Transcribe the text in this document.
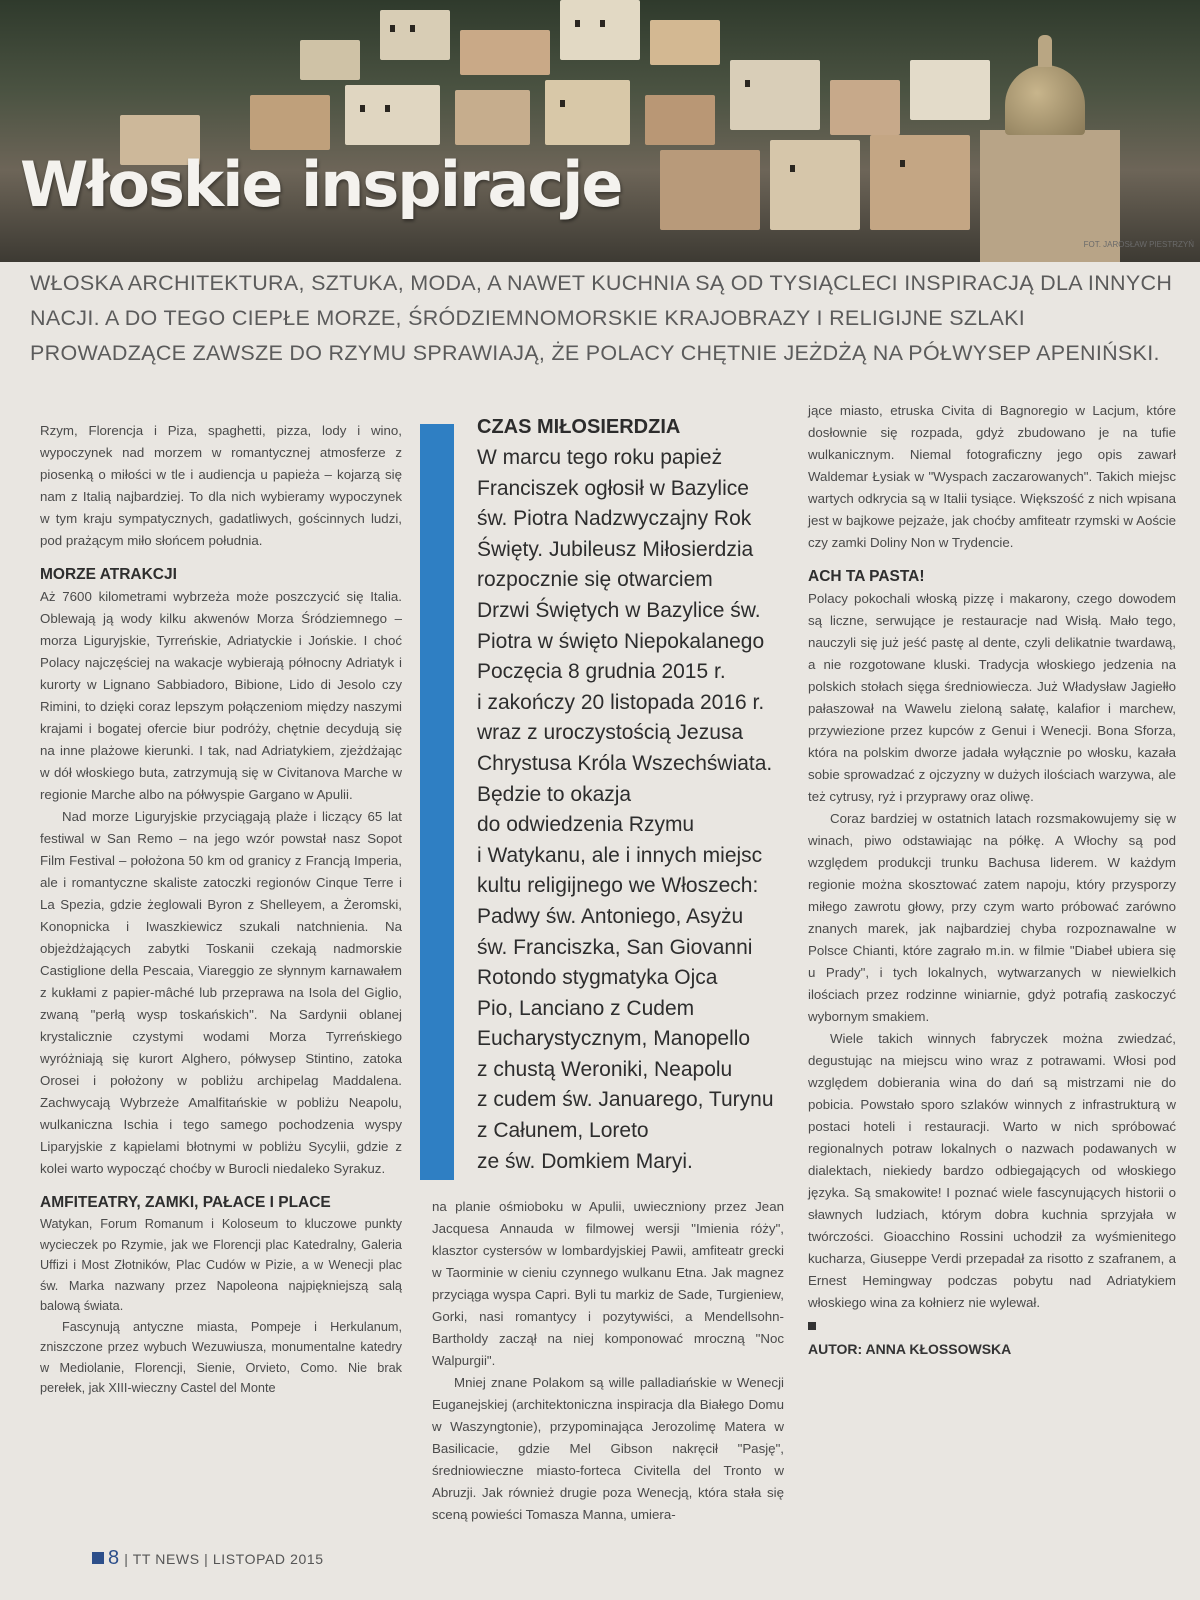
Włoskie inspiracje
FOT. JAROSŁAW PIESTRZYŃ

WŁOSKA ARCHITEKTURA, SZTUKA, MODA, A NAWET KUCHNIA SĄ OD TYSIĄCLECI INSPIRACJĄ DLA INNYCH NACJI. A DO TEGO CIEPŁE MORZE, ŚRÓDZIEMNOMORSKIE KRAJOBRAZY I RELIGIJNE SZLAKI PROWADZĄCE ZAWSZE DO RZYMU SPRAWIAJĄ, ŻE POLACY CHĘTNIE JEŻDŻĄ NA PÓŁWYSEP APENIŃSKI.

Rzym, Florencja i Piza, spaghetti, pizza, lody i wino, wypoczynek nad morzem w romantycznej atmosferze z piosenką o miłości w tle i audiencja u papieża – kojarzą się nam z Italią najbardziej. To dla nich wybieramy wypoczynek w tym kraju sympatycznych, gadatliwych, gościnnych ludzi, pod prażącym miło słońcem południa.

MORZE ATRAKCJI

Aż 7600 kilometrami wybrzeża może poszczycić się Italia. Oblewają ją wody kilku akwenów Morza Śródziemnego – morza Liguryjskie, Tyrreńskie, Adriatyckie i Jońskie. I choć Polacy najczęściej na wakacje wybierają północny Adriatyk i kurorty w Lignano Sabbiadoro, Bibione, Lido di Jesolo czy Rimini, to dzięki coraz lepszym połączeniom między naszymi krajami i bogatej ofercie biur podróży, chętnie decydują się na inne plażowe kierunki. I tak, nad Adriatykiem, zjeżdżając w dół włoskiego buta, zatrzymują się w Civitanova Marche w regionie Marche albo na półwyspie Gargano w Apulii.

Nad morze Liguryjskie przyciągają plaże i liczący 65 lat festiwal w San Remo – na jego wzór powstał nasz Sopot Film Festival – położona 50 km od granicy z Francją Imperia, ale i romantyczne skaliste zatoczki regionów Cinque Terre i La Spezia, gdzie żeglowali Byron z Shelleyem, a Żeromski, Konopnicka i Iwaszkiewicz szukali natchnienia. Na objeżdżających zabytki Toskanii czekają nadmorskie Castiglione della Pescaia, Viareggio ze słynnym karnawałem z kukłami z papier-mâché lub przeprawa na Isola del Giglio, zwaną "perłą wysp toskańskich". Na Sardynii oblanej krystalicznie czystymi wodami Morza Tyrreńskiego wyróżniają się kurort Alghero, półwysep Stintino, zatoka Orosei i położony w pobliżu archipelag Maddalena. Zachwycają Wybrzeże Amalfitańskie w pobliżu Neapolu, wulkaniczna Ischia i tego samego pochodzenia wyspy Liparyjskie z kąpielami błotnymi w pobliżu Sycylii, gdzie z kolei warto wypocząć choćby w Burocli niedaleko Syrakuz.

AMFITEATRY, ZAMKI, PAŁACE I PLACE

Watykan, Forum Romanum i Koloseum to kluczowe punkty wycieczek po Rzymie, jak we Florencji plac Katedralny, Galeria Uffizi i Most Złotników, Plac Cudów w Pizie, a w Wenecji plac św. Marka nazwany przez Napoleona najpiękniejszą salą balową świata.

Fascynują antyczne miasta, Pompeje i Herkulanum, zniszczone przez wybuch Wezuwiusza, monumentalne katedry w Mediolanie, Florencji, Sienie, Orvieto, Como. Nie brak perełek, jak XIII-wieczny Castel del Monte

CZAS MIŁOSIERDZIA

W marcu tego roku papież
Franciszek ogłosił w Bazylice
św. Piotra Nadzwyczajny Rok
Święty. Jubileusz Miłosierdzia
rozpocznie się otwarciem
Drzwi Świętych w Bazylice św.
Piotra w święto Niepokalanego
Poczęcia 8 grudnia 2015 r.
i zakończy 20 listopada 2016 r.
wraz z uroczystością Jezusa
Chrystusa Króla Wszechświata.
Będzie to okazja
do odwiedzenia Rzymu
i Watykanu, ale i innych miejsc
kultu religijnego we Włoszech:
Padwy św. Antoniego, Asyżu
św. Franciszka, San Giovanni
Rotondo stygmatyka Ojca
Pio, Lanciano z Cudem
Eucharystycznym, Manopello
z chustą Weroniki, Neapolu
z cudem św. Januarego, Turynu
z Całunem, Loreto
ze św. Domkiem Maryi.

na planie ośmioboku w Apulii, uwieczniony przez Jean Jacquesa Annauda w filmowej wersji "Imienia róży", klasztor cystersów w lombardyjskiej Pawii, amfiteatr grecki w Taorminie w cieniu czynnego wulkanu Etna. Jak magnez przyciąga wyspa Capri. Byli tu markiz de Sade, Turgieniew, Gorki, nasi romantycy i pozytywiści, a Mendellsohn-Bartholdy zaczął na niej komponować mroczną "Noc Walpurgii".

Mniej znane Polakom są wille palladiańskie w Wenecji Euganejskiej (architektoniczna inspiracja dla Białego Domu w Waszyngtonie), przypominająca Jerozolimę Matera w Basilicacie, gdzie Mel Gibson nakręcił "Pasję", średniowieczne miasto-forteca Civitella del Tronto w Abruzji. Jak również drugie poza Wenecją, która stała się sceną powieści Tomasza Manna, umiera-

jące miasto, etruska Civita di Bagnoregio w Lacjum, które dosłownie się rozpada, gdyż zbudowano je na tufie wulkanicznym. Niemal fotograficzny jego opis zawarł Waldemar Łysiak w "Wyspach zaczarowanych". Takich miejsc wartych odkrycia są w Italii tysiące. Większość z nich wpisana jest w bajkowe pejzaże, jak choćby amfiteatr rzymski w Aoście czy zamki Doliny Non w Trydencie.

ACH TA PASTA!

Polacy pokochali włoską pizzę i makarony, czego dowodem są liczne, serwujące je restauracje nad Wisłą. Mało tego, nauczyli się już jeść pastę al dente, czyli delikatnie twardawą, a nie rozgotowane kluski. Tradycja włoskiego jedzenia na polskich stołach sięga średniowiecza. Już Władysław Jagiełło pałaszował na Wawelu zieloną sałatę, kalafior i marchew, przywiezione przez kupców z Genui i Wenecji. Bona Sforza, która na polskim dworze jadała wyłącznie po włosku, kazała sobie sprowadzać z ojczyzny w dużych ilościach warzywa, ale też cytrusy, ryż i przyprawy oraz oliwę.

Coraz bardziej w ostatnich latach rozsmakowujemy się w winach, piwo odstawiając na półkę. A Włochy są pod względem produkcji trunku Bachusa liderem. W każdym regionie można skosztować zatem napoju, który przysporzy miłego zawrotu głowy, przy czym warto próbować zarówno znanych marek, jak najbardziej chyba rozpoznawalne w Polsce Chianti, które zagrało m.in. w filmie "Diabeł ubiera się u Prady", i tych lokalnych, wytwarzanych w niewielkich ilościach przez rodzinne winiarnie, gdyż potrafią zaskoczyć wybornym smakiem.

Wiele takich winnych fabryczek można zwiedzać, degustując na miejscu wino wraz z potrawami. Włosi pod względem dobierania wina do dań są mistrzami nie do pobicia. Powstało sporo szlaków winnych z infrastrukturą w postaci hoteli i restauracji. Warto w nich spróbować regionalnych potraw lokalnych o nazwach podawanych w dialektach, niekiedy bardzo odbiegających od włoskiego języka. Są smakowite! I poznać wiele fascynujących historii o sławnych ludziach, którym dobra kuchnia sprzyjała w twórczości. Gioacchino Rossini uchodził za wyśmienitego kucharza, Giuseppe Verdi przepadał za risotto z szafranem, a Ernest Hemingway podczas pobytu nad Adriatykiem włoskiego wina za kołnierz nie wylewał.

AUTOR: ANNA KŁOSSOWSKA

8 | TT NEWS | LISTOPAD 2015
